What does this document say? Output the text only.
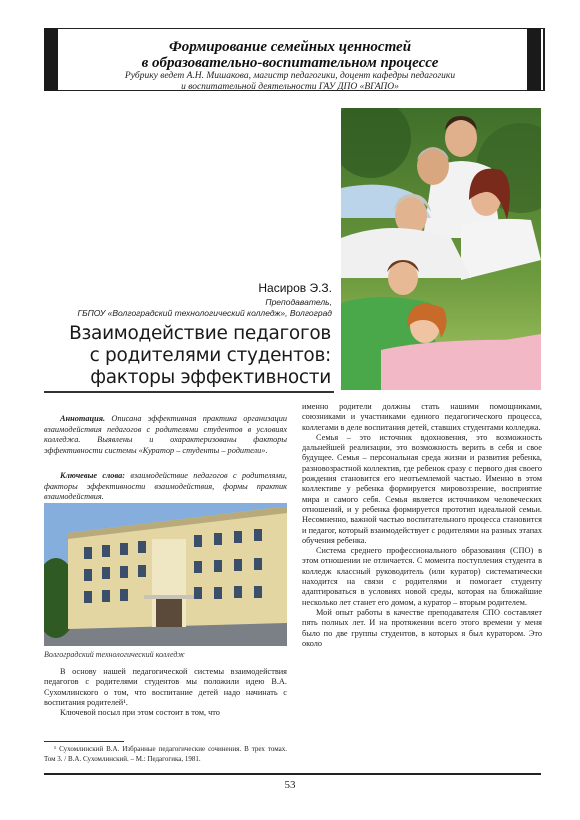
Формирование семейных ценностей
в образовательно-воспитательном процессе
Рубрику ведет А.Н. Мишакова, магистр педагогики, доцент кафедры педагогики
и воспитательной деятельности ГАУ ДПО «ВГАПО»
Насиров Э.З.
Преподаватель,
ГБПОУ «Волгоградский технологический колледж», Волгоград
Взаимодействие педагогов
с родителями студентов:
факторы эффективности

Аннотация. Описана эффективная практика организации взаимодействия педагогов с родителями студентов в условиях колледжа. Выявлены и охарактеризованы факторы эффективности системы «Куратор – студенты – родители».

Ключевые слова: взаимодействие педагогов с родителями, факторы эффективности взаимодействия, формы практик взаимодействия.

Волгоградский технологический колледж

В основу нашей педагогической системы взаимодействия педагогов с родителями студентов мы положили идею В.А. Сухомлинского о том, что воспитание детей надо начинать с воспитания родителей¹.

Ключевой посыл при этом состоит в том, что

¹ Сухомлинский В.А. Избранные педагогические сочинения. В трех томах. Том 3. / В.А. Сухомлинский. – М.: Педагогика, 1981.

именно родители должны стать нашими помощниками, союзниками и участниками единого педагогического процесса, коллегами в деле воспитания детей, ставших студентами колледжа.

Семья – это источник вдохновения, это возможность дальнейшей реализации, это возможность верить в себя и свое будущее. Семья – персональная среда жизни и развития ребенка, разновозрастной коллектив, где ребенок сразу с первого дня своего рождения становится его неотъемлемой частью. Именно в этом коллективе у ребенка формируется мировоззрение, восприятие мира и самого себя. Семья является источником человеческих отношений, и у ребенка формируется прототип идеальной семьи. Несомненно, важной частью воспитательного процесса становится и педагог, который взаимодействует с родителями на разных этапах обучения ребенка.

Система среднего профессионального образования (СПО) в этом отношении не отличается. С момента поступления студента в колледж классный руководитель (или куратор) систематически находится на связи с родителями и помогает студенту адаптироваться в условиях новой среды, которая на ближайшие несколько лет станет его домом, а куратор – вторым родителем.

Мой опыт работы в качестве преподавателя СПО составляет пять полных лет. И на протяжении всего этого времени у меня было по две группы студентов, в которых я был куратором. Это около

53
